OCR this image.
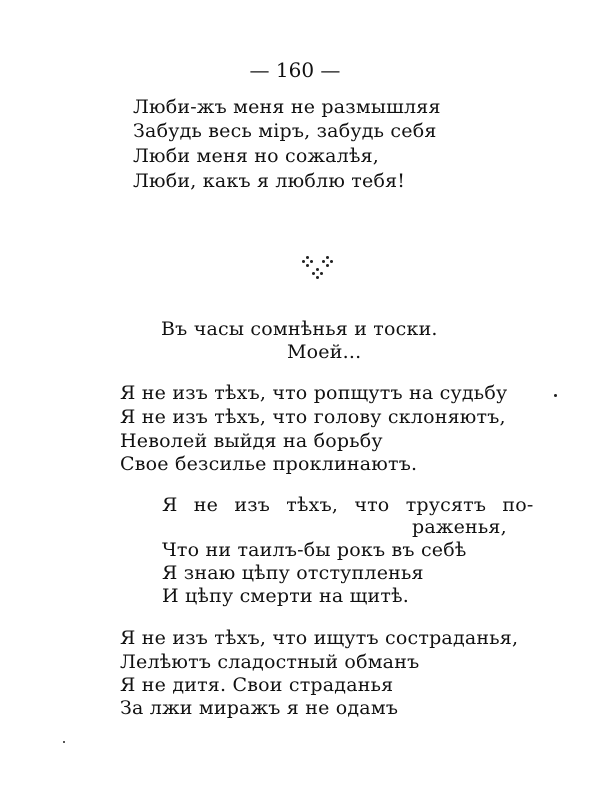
— 160 —
Люби-жъ меня не размышляя
Забудь весь міръ, забудь себя
Люби меня но сожалѣя,
Люби, какъ я люблю тебя!
Въ часы сомнѣнья и тоски.
Моей...
Я не изъ тѣхъ, что ропщутъ на судьбу
Я не изъ тѣхъ, что голову склоняютъ,
Неволей выйдя на борьбу
Свое безсилье проклинаютъ.
Я не изъ тѣхъ, что трусятъ по-
раженья,
Что ни таилъ-бы рокъ въ себѣ
Я знаю цѣпу отступленья
И цѣпу смерти на щитѣ.
Я не изъ тѣхъ, что ищутъ состраданья,
Лелѣютъ сладостный обманъ
Я не дитя. Свои страданья
За лжи миражъ я не одамъ
